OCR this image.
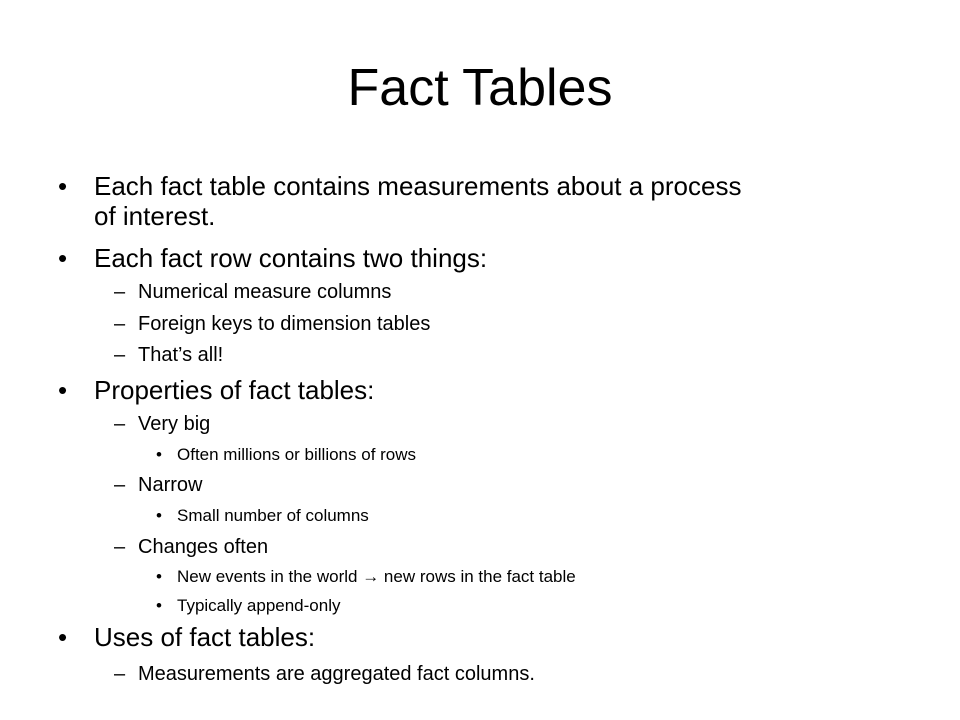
Fact Tables
• Each fact table contains measurements about a process
of interest.
• Each fact row contains two things:
– Numerical measure columns
– Foreign keys to dimension tables
– That’s all!
• Properties of fact tables:
– Very big
• Often millions or billions of rows
– Narrow
• Small number of columns
– Changes often
• New events in the world → new rows in the fact table
• Typically append-only
• Uses of fact tables:
– Measurements are aggregated fact columns.
